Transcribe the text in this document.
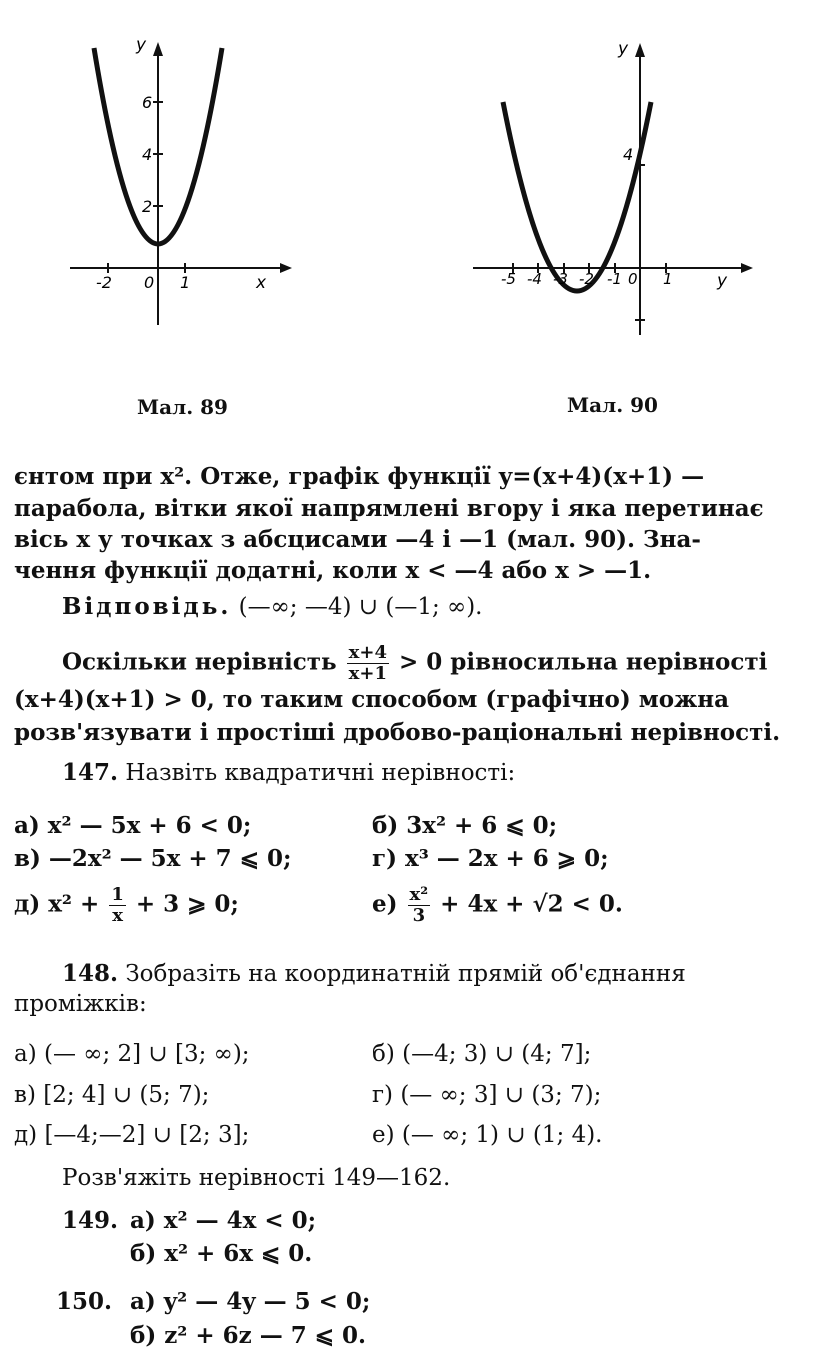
-2 0 1	x
2
4
6
y
Мал. 89
-5 -4 -3 -2 -1 0 1	y
4
y
Мал. 90
єнтом при x². Отже, графік функції y=(x+4)(x+1) —
парабола, вітки якої напрямлені вгору і яка перетинає
вісь x у точках з абсцисами —4 і —1 (мал. 90). Зна-
чення функції додатні, коли x < —4 або x > —1.
Відповідь. (—∞; —4) ∪ (—1; ∞).
Оскільки нерівність $\frac{x+4}{x+1} > 0$ рівносильна нерівності
(x+4)(x+1) > 0, то таким способом (графічно) можна
розв'язувати і простіші дробово-раціональні нерівності.
147. Назвіть квадратичні нерівності:
а) x² — 5x + 6 < 0;	б) 3x² + 6 ⩽ 0;
в) —2x² — 5x + 7 ⩽ 0;	г) x³ — 2x + 6 ⩾ 0;
д) $x^2 + \frac{1}{x} + 3$ ⩾ 0;	$е) \frac{\text{x²}}{3} + 4x + √2 < 0$.
148. Зобразіть на координатній прямій об'єднання
проміжків:
а) (— ∞; 2] ∪ [3; ∞);	б) (—4; 3) ∪ (4; 7];
в) [2; 4] ∪ (5; 7);	г) (— ∞; 3] ∪ (3; 7);
д) [—4;—2] ∪ [2; 3];	е) (— ∞; 1) ∪ (1; 4).
Розв'яжіть нерівності 149—162.
149. а) x² — 4x < 0;
б) x² + 6x ⩽ 0.
150. а) y² — 4y — 5 < 0;
б) z² + 6z — 7 ⩽ 0.
